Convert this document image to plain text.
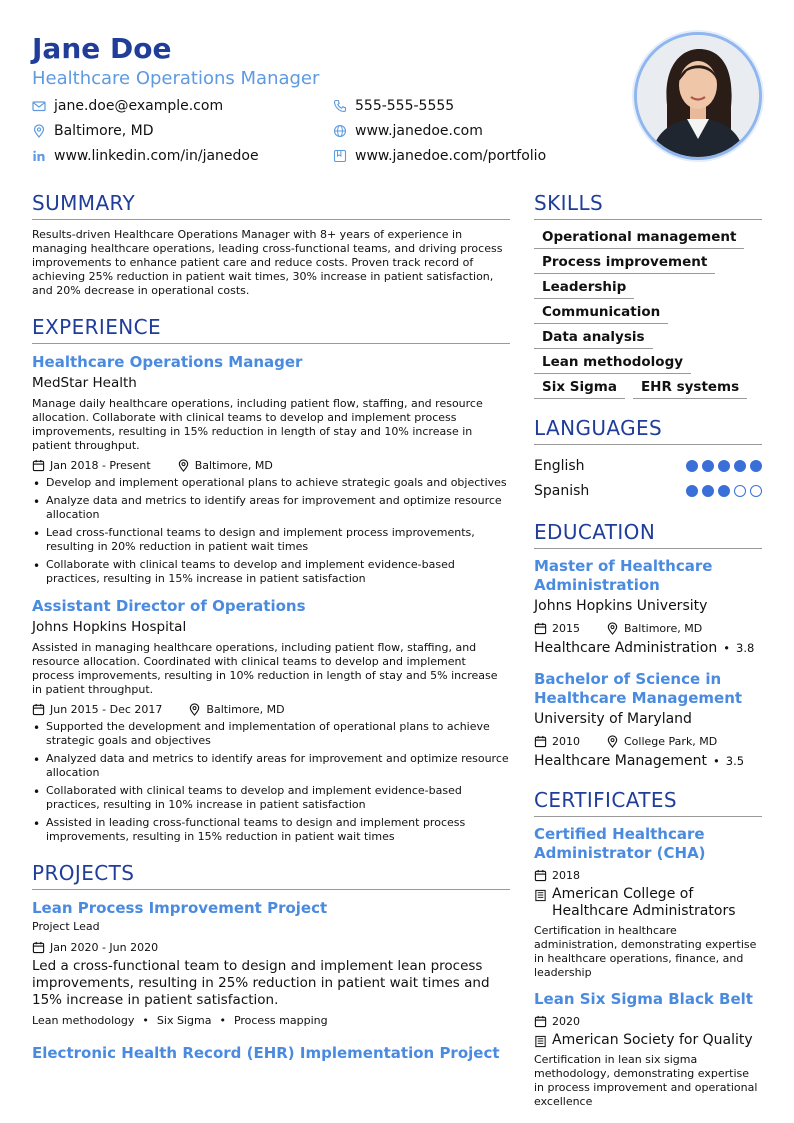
Jane Doe
Healthcare Operations Manager
jane.doe@example.com	555-555-5555
Baltimore, MD	www.janedoe.com
www.linkedin.com/in/janedoe	www.janedoe.com/portfolio
SUMMARY
Results-driven Healthcare Operations Manager with 8+ years of experience in managing healthcare operations, leading cross-functional teams, and driving process improvements to enhance patient care and reduce costs. Proven track record of achieving 25% reduction in patient wait times, 30% increase in patient satisfaction, and 20% decrease in operational costs.
EXPERIENCE
Healthcare Operations Manager
MedStar Health
Manage daily healthcare operations, including patient flow, staffing, and resource allocation. Collaborate with clinical teams to develop and implement process improvements, resulting in 15% reduction in length of stay and 10% increase in patient throughput.
Jan 2018 - Present	Baltimore, MD
• Develop and implement operational plans to achieve strategic goals and objectives
• Analyze data and metrics to identify areas for improvement and optimize resource allocation
• Lead cross-functional teams to design and implement process improvements, resulting in 20% reduction in patient wait times
• Collaborate with clinical teams to develop and implement evidence-based practices, resulting in 15% increase in patient satisfaction
Assistant Director of Operations
Johns Hopkins Hospital
Assisted in managing healthcare operations, including patient flow, staffing, and resource allocation. Coordinated with clinical teams to develop and implement process improvements, resulting in 10% reduction in length of stay and 5% increase in patient throughput.
Jun 2015 - Dec 2017	Baltimore, MD
• Supported the development and implementation of operational plans to achieve strategic goals and objectives
• Analyzed data and metrics to identify areas for improvement and optimize resource allocation
• Collaborated with clinical teams to develop and implement evidence-based practices, resulting in 10% increase in patient satisfaction
• Assisted in leading cross-functional teams to design and implement process improvements, resulting in 15% reduction in patient wait times
PROJECTS
Lean Process Improvement Project
Project Lead
Jan 2020 - Jun 2020
Led a cross-functional team to design and implement lean process improvements, resulting in 25% reduction in patient wait times and 15% increase in patient satisfaction.
Lean methodology • Six Sigma • Process mapping
Electronic Health Record (EHR) Implementation Project
SKILLS
Operational management
Process improvement
Leadership
Communication
Data analysis
Lean methodology
Six Sigma	EHR systems
LANGUAGES
English
Spanish
EDUCATION
Master of Healthcare Administration
Johns Hopkins University
2015	Baltimore, MD
Healthcare Administration • 3.8
Bachelor of Science in Healthcare Management
University of Maryland
2010	College Park, MD
Healthcare Management • 3.5
CERTIFICATES
Certified Healthcare Administrator (CHA)
2018
American College of Healthcare Administrators
Certification in healthcare administration, demonstrating expertise in healthcare operations, finance, and leadership
Lean Six Sigma Black Belt
2020
American Society for Quality
Certification in lean six sigma methodology, demonstrating expertise in process improvement and operational excellence
